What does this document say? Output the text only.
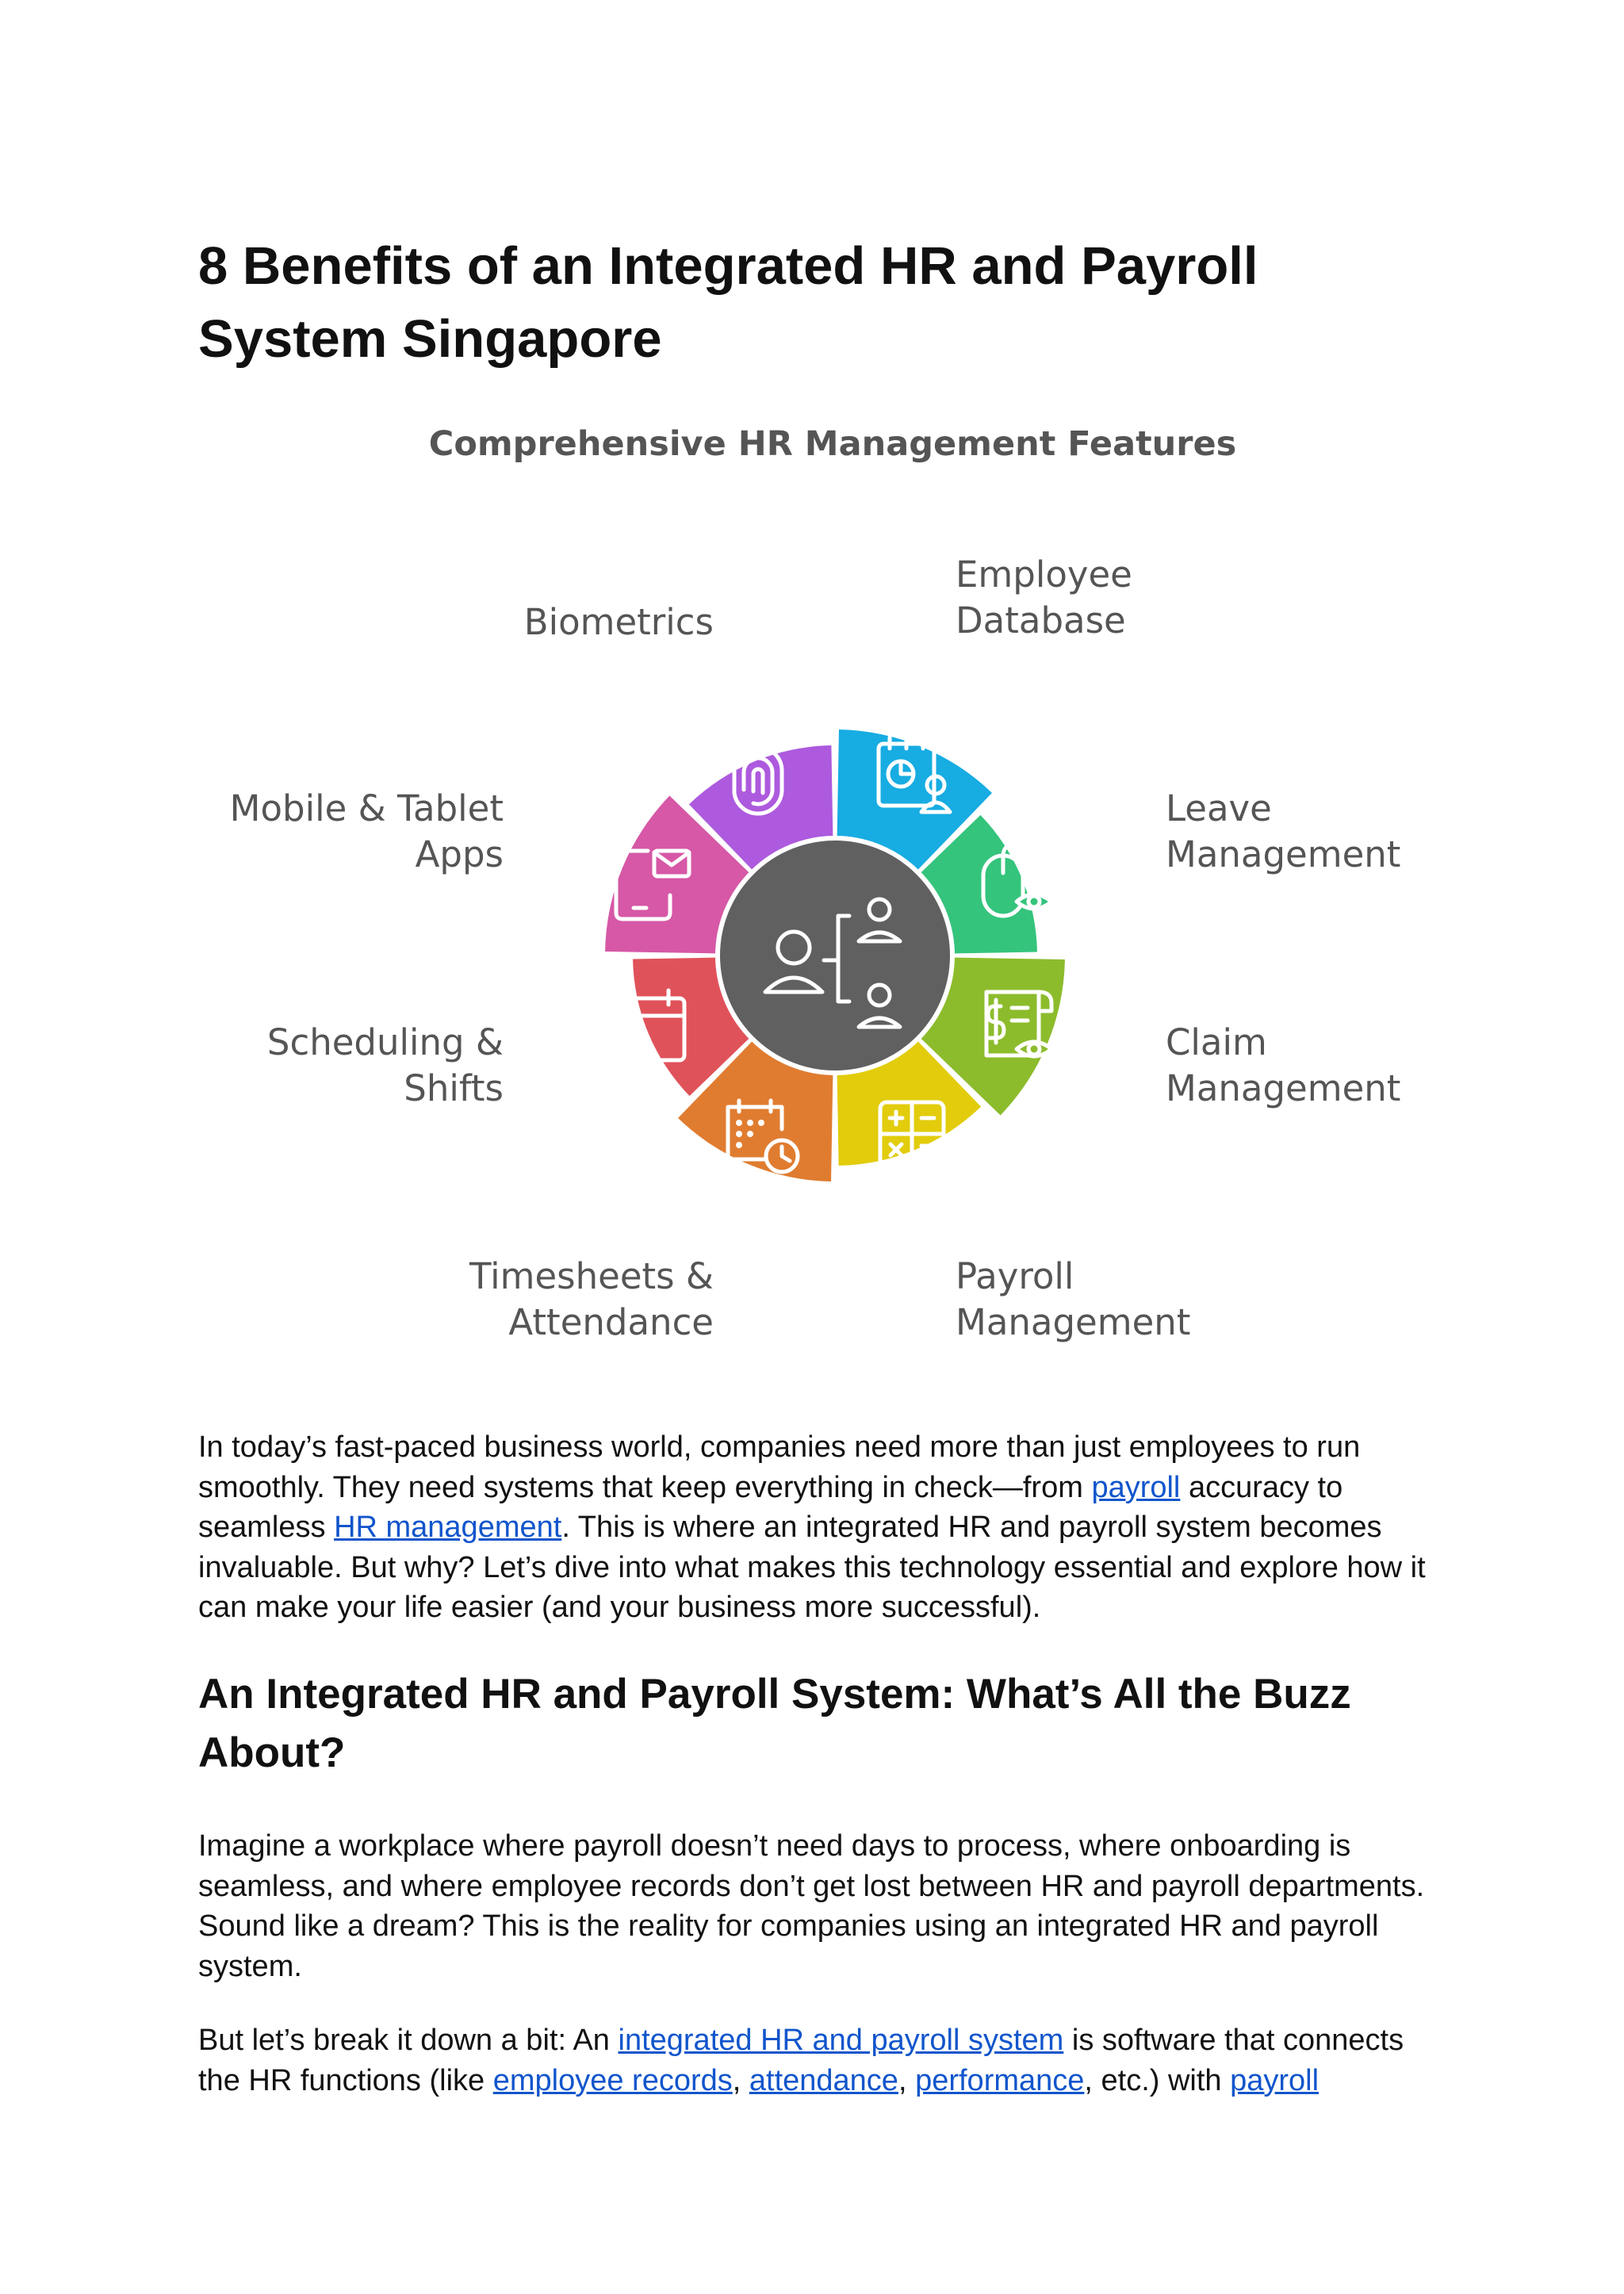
8 Benefits of an Integrated HR and Payroll System Singapore
Comprehensive HR Management Features
Employee Database
Leave Management
Claim Management
Payroll Management
Timesheets & Attendance
Scheduling & Shifts
Mobile & Tablet Apps
Biometrics

In today’s fast-paced business world, companies need more than just employees to run smoothly. They need systems that keep everything in check—from payroll accuracy to seamless HR management. This is where an integrated HR and payroll system becomes invaluable. But why? Let’s dive into what makes this technology essential and explore how it can make your life easier (and your business more successful).

An Integrated HR and Payroll System: What’s All the Buzz About?

Imagine a workplace where payroll doesn’t need days to process, where onboarding is seamless, and where employee records don’t get lost between HR and payroll departments. Sound like a dream? This is the reality for companies using an integrated HR and payroll system.

But let’s break it down a bit: An integrated HR and payroll system is software that connects the HR functions (like employee records, attendance, performance, etc.) with payroll
